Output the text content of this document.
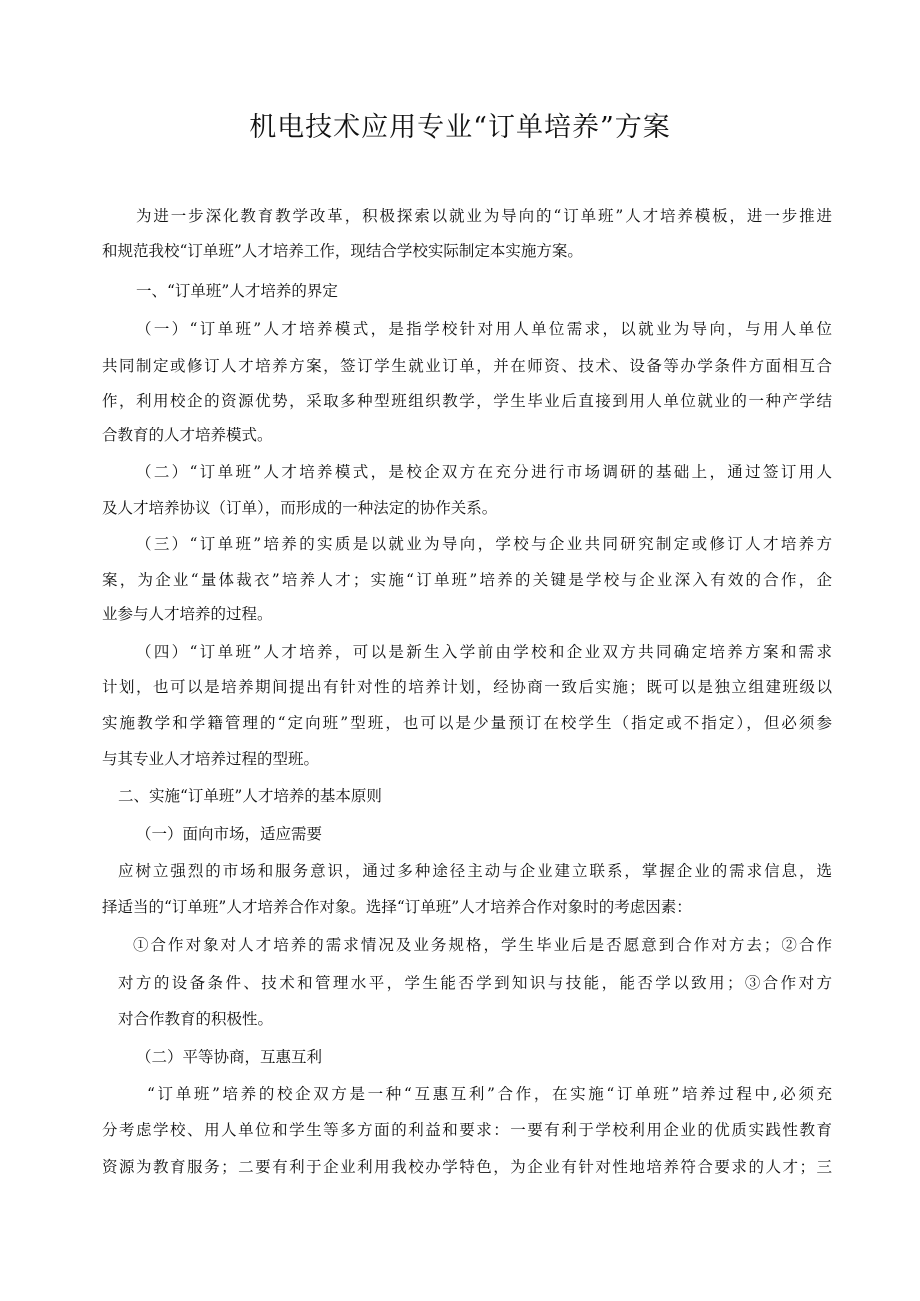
机电技术应用专业“订单培养”方案

为进一步深化教育教学改革，积极探索以就业为导向的“订单班”人才培养模板，进一步推进

和规范我校“订单班”人才培养工作，现结合学校实际制定本实施方案。

一、“订单班”人才培养的界定

（一）“订单班”人才培养模式，是指学校针对用人单位需求，以就业为导向，与用人单位

共同制定或修订人才培养方案，签订学生就业订单，并在师资、技术、设备等办学条件方面相互合

作，利用校企的资源优势，采取多种型班组织教学，学生毕业后直接到用人单位就业的一种产学结

合教育的人才培养模式。

（二）“订单班”人才培养模式，是校企双方在充分进行市场调研的基础上，通过签订用人

及人才培养协议（订单），而形成的一种法定的协作关系。

（三）“订单班”培养的实质是以就业为导向，学校与企业共同研究制定或修订人才培养方

案，为企业“量体裁衣”培养人才；实施“订单班”培养的关键是学校与企业深入有效的合作，企

业参与人才培养的过程。

（四）“订单班”人才培养，可以是新生入学前由学校和企业双方共同确定培养方案和需求

计划，也可以是培养期间提出有针对性的培养计划，经协商一致后实施；既可以是独立组建班级以

实施教学和学籍管理的“定向班”型班，也可以是少量预订在校学生（指定或不指定），但必须参

与其专业人才培养过程的型班。

二、实施“订单班”人才培养的基本原则

（一）面向市场，适应需要

应树立强烈的市场和服务意识，通过多种途径主动与企业建立联系，掌握企业的需求信息，选

择适当的“订单班”人才培养合作对象。选择“订单班”人才培养合作对象时的考虑因素：

①合作对象对人才培养的需求情况及业务规格，学生毕业后是否愿意到合作对方去；②合作

对方的设备条件、技术和管理水平，学生能否学到知识与技能，能否学以致用；③合作对方

对合作教育的积极性。

（二）平等协商，互惠互利

“订单班”培养的校企双方是一种“互惠互利”合作，在实施“订单班”培养过程中,必须充

分考虑学校、用人单位和学生等多方面的利益和要求：一要有利于学校利用企业的优质实践性教育

资源为教育服务；二要有利于企业利用我校办学特色，为企业有针对性地培养符合要求的人才；三
